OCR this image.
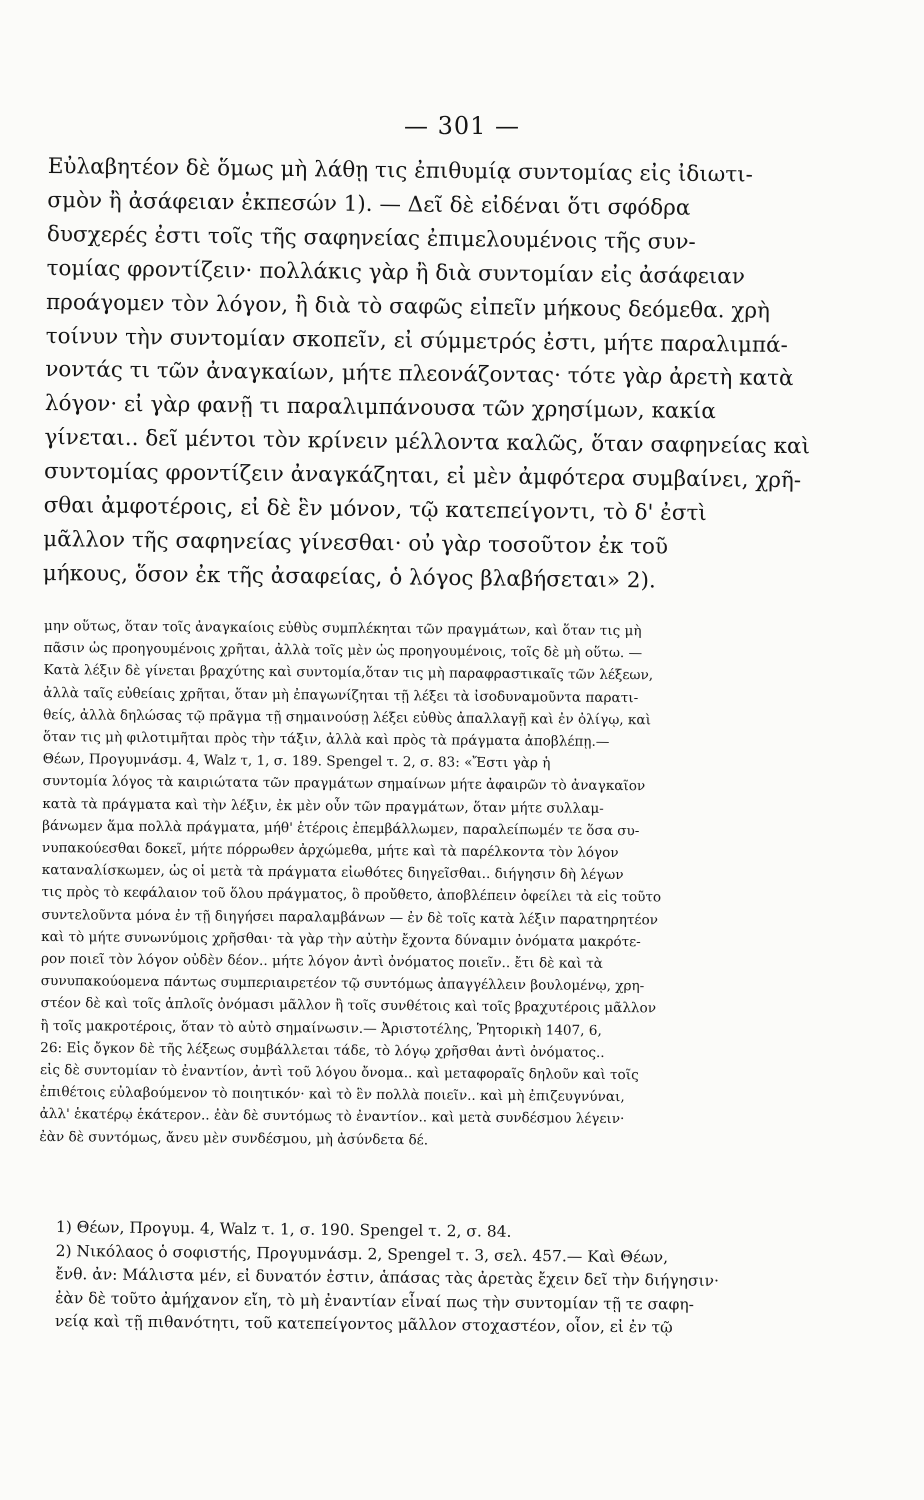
— 301 —
Εὐλαβητέον δὲ ὅμως μὴ λάθῃ τις ἐπιθυμίᾳ συντομίας εἰς ἰδιωτι-
σμὸν ἢ ἀσάφειαν ἐκπεσών 1). — Δεῖ δὲ εἰδέναι ὅτι σφόδρα
δυσχερές ἐστι τοῖς τῆς σαφηνείας ἐπιμελουμένοις τῆς συν-
τομίας φροντίζειν· πολλάκις γὰρ ἢ διὰ συντομίαν εἰς ἀσάφειαν
προάγομεν τὸν λόγον, ἢ διὰ τὸ σαφῶς εἰπεῖν μήκους δεόμεθα. χρὴ
τοίνυν τὴν συντομίαν σκοπεῖν, εἰ σύμμετρός ἐστι, μήτε παραλιμπά-
νοντάς τι τῶν ἀναγκαίων, μήτε πλεονάζοντας· τότε γὰρ ἀρετὴ κατὰ
λόγον· εἰ γὰρ φανῇ τι παραλιμπάνουσα τῶν χρησίμων, κακία
γίνεται.. δεῖ μέντοι τὸν κρίνειν μέλλοντα καλῶς, ὅταν σαφηνείας καὶ
συντομίας φροντίζειν ἀναγκάζηται, εἰ μὲν ἀμφότερα συμβαίνει, χρῆ-
σθαι ἀμφοτέροις, εἰ δὲ ἓν μόνον, τῷ κατεπείγοντι, τὸ δ' ἐστὶ
μᾶλλον τῆς σαφηνείας γίνεσθαι· οὐ γὰρ τοσοῦτον ἐκ τοῦ
μήκους, ὅσον ἐκ τῆς ἀσαφείας, ὁ λόγος βλαβήσεται» 2).
μην οὕτως, ὅταν τοῖς ἀναγκαίοις εὐθὺς συμπλέκηται τῶν πραγμάτων, καὶ ὅταν τις μὴ
πᾶσιν ὡς προηγουμένοις χρῆται, ἀλλὰ τοῖς μὲν ὡς προηγουμένοις, τοῖς δὲ μὴ οὕτω. —
Κατὰ λέξιν δὲ γίνεται βραχύτης καὶ συντομία,ὅταν τις μὴ παραφραστικαῖς τῶν λέξεων,
ἀλλὰ ταῖς εὐθείαις χρῆται, ὅταν μὴ ἐπαγωνίζηται τῇ λέξει τὰ ἰσοδυναμοῦντα παρατι-
θείς, ἀλλὰ δηλώσας τῷ πρᾶγμα τῇ σημαινούσῃ λέξει εὐθὺς ἀπαλλαγῇ καὶ ἐν ὀλίγῳ, καὶ
ὅταν τις μὴ φιλοτιμῆται πρὸς τὴν τάξιν, ἀλλὰ καὶ πρὸς τὰ πράγματα ἀποβλέπῃ.—
Θέων, Προγυμνάσμ. 4, Walz τ, 1, σ. 189. Spengel τ. 2, σ. 83: «Ἔστι γὰρ ἡ
συντομία λόγος τὰ καιριώτατα τῶν πραγμάτων σημαίνων μήτε ἀφαιρῶν τὸ ἀναγκαῖον
κατὰ τὰ πράγματα καὶ τὴν λέξιν, ἐκ μὲν οὖν τῶν πραγμάτων, ὅταν μήτε συλλαμ-
βάνωμεν ἅμα πολλὰ πράγματα, μήθ' ἑτέροις ἐπεμβάλλωμεν, παραλείπωμέν τε ὅσα συ-
νυπακούεσθαι δοκεῖ, μήτε πόρρωθεν ἀρχώμεθα, μήτε καὶ τὰ παρέλκοντα τὸν λόγον
καταναλίσκωμεν, ὡς οἱ μετὰ τὰ πράγματα εἰωθότες διηγεῖσθαι.. διήγησιν δὴ λέγων
τις πρὸς τὸ κεφάλαιον τοῦ ὅλου πράγματος, ὃ προὔθετο, ἀποβλέπειν ὀφείλει τὰ εἰς τοῦτο
συντελοῦντα μόνα ἐν τῇ διηγήσει παραλαμβάνων — ἐν δὲ τοῖς κατὰ λέξιν παρατηρητέον
καὶ τὸ μήτε συνωνύμοις χρῆσθαι· τὰ γὰρ τὴν αὐτὴν ἔχοντα δύναμιν ὀνόματα μακρότε-
ρον ποιεῖ τὸν λόγον οὐδὲν δέον.. μήτε λόγον ἀντὶ ὀνόματος ποιεῖν.. ἔτι δὲ καὶ τὰ
συνυπακούομενα πάντως συμπεριαιρετέον τῷ συντόμως ἀπαγγέλλειν βουλομένῳ, χρη-
στέον δὲ καὶ τοῖς ἁπλοῖς ὀνόμασι μᾶλλον ἢ τοῖς συνθέτοις καὶ τοῖς βραχυτέροις μᾶλλον
ἢ τοῖς μακροτέροις, ὅταν τὸ αὐτὸ σημαίνωσιν.— Ἀριστοτέλης, Ῥητορικὴ 1407, 6,
26: Εἰς ὄγκον δὲ τῆς λέξεως συμβάλλεται τάδε, τὸ λόγῳ χρῆσθαι ἀντὶ ὀνόματος..
εἰς δὲ συντομίαν τὸ ἐναντίον, ἀντὶ τοῦ λόγου ὄνομα.. καὶ μεταφοραῖς δηλοῦν καὶ τοῖς
ἐπιθέτοις εὐλαβούμενον τὸ ποιητικόν· καὶ τὸ ἓν πολλὰ ποιεῖν.. καὶ μὴ ἐπιζευγνύναι,
ἀλλ' ἑκατέρῳ ἑκάτερον.. ἐὰν δὲ συντόμως τὸ ἐναντίον.. καὶ μετὰ συνδέσμου λέγειν·
ἐὰν δὲ συντόμως, ἄνευ μὲν συνδέσμου, μὴ ἀσύνδετα δέ.
1) Θέων, Προγυμ. 4, Walz τ. 1, σ. 190. Spengel τ. 2, σ. 84.
2) Νικόλαος ὁ σοφιστής, Προγυμνάσμ. 2, Spengel τ. 3, σελ. 457.— Καὶ Θέων,
ἔνθ. ἀν: Μάλιστα μέν, εἰ δυνατόν ἐστιν, ἁπάσας τὰς ἀρετὰς ἔχειν δεῖ τὴν διήγησιν·
ἐὰν δὲ τοῦτο ἀμήχανον εἴη, τὸ μὴ ἐναντίαν εἶναί πως τὴν συντομίαν τῇ τε σαφη-
νείᾳ καὶ τῇ πιθανότητι, τοῦ κατεπείγοντος μᾶλλον στοχαστέον, οἷον, εἰ ἐν τῷ
